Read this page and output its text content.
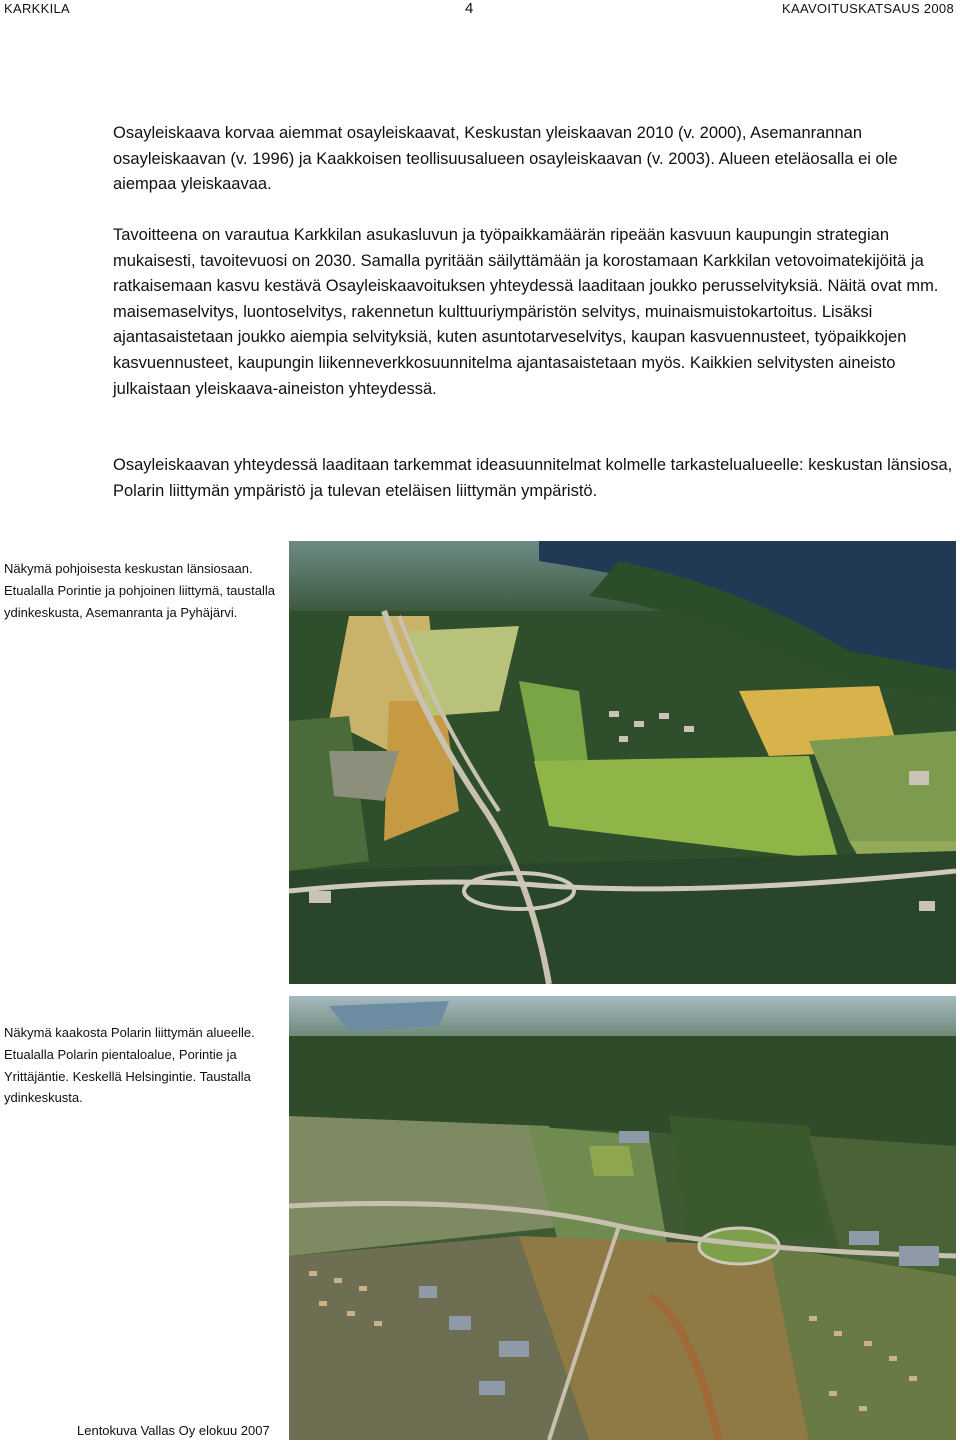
KARKKILA	4	KAAVOITUSKATSAUS 2008

Osayleiskaava korvaa aiemmat osayleiskaavat, Keskustan yleiskaavan 2010 (v. 2000), Asemanrannan osayleiskaavan (v. 1996) ja Kaakkoisen teollisuusalueen osayleiskaavan (v. 2003). Alueen eteläosalla ei ole aiempaa yleiskaavaa.

Tavoitteena on varautua Karkkilan asukasluvun ja työpaikkamäärän ripeään kasvuun kaupungin strategian mukaisesti, tavoitevuosi on 2030. Samalla pyritään säilyttämään ja korostamaan Karkkilan vetovoimatekijöitä ja ratkaisemaan kasvu kestävä Osayleiskaavoituksen yhteydessä laaditaan joukko perusselvityksiä. Näitä ovat mm. maisemaselvitys, luontoselvitys, rakennetun kulttuuriympäristön selvitys, muinaismuistokartoitus. Lisäksi ajantasaistetaan joukko aiempia selvityksiä, kuten asuntotarveselvitys, kaupan kasvuennusteet, työpaikkojen kasvuennusteet, kaupungin liikenneverkkosuunnitelma ajantasaistetaan myös. Kaikkien selvitysten aineisto julkaistaan yleiskaava-aineiston yhteydessä.

Osayleiskaavan yhteydessä laaditaan tarkemmat ideasuunnitelmat kolmelle tarkastelualueelle: keskustan länsiosa, Polarin liittymän ympäristö ja tulevan eteläisen liittymän ympäristö.

Näkymä pohjoisesta keskustan länsiosaan. Etualalla Porintie ja pohjoinen liittymä, taustalla ydinkeskusta, Asemanranta ja Pyhäjärvi.

Näkymä kaakosta Polarin liittymän alueelle. Etualalla Polarin pientaloalue, Porintie ja Yrittäjäntie. Keskellä Helsingintie. Taustalla ydinkeskusta.

Lentokuva Vallas Oy elokuu 2007
